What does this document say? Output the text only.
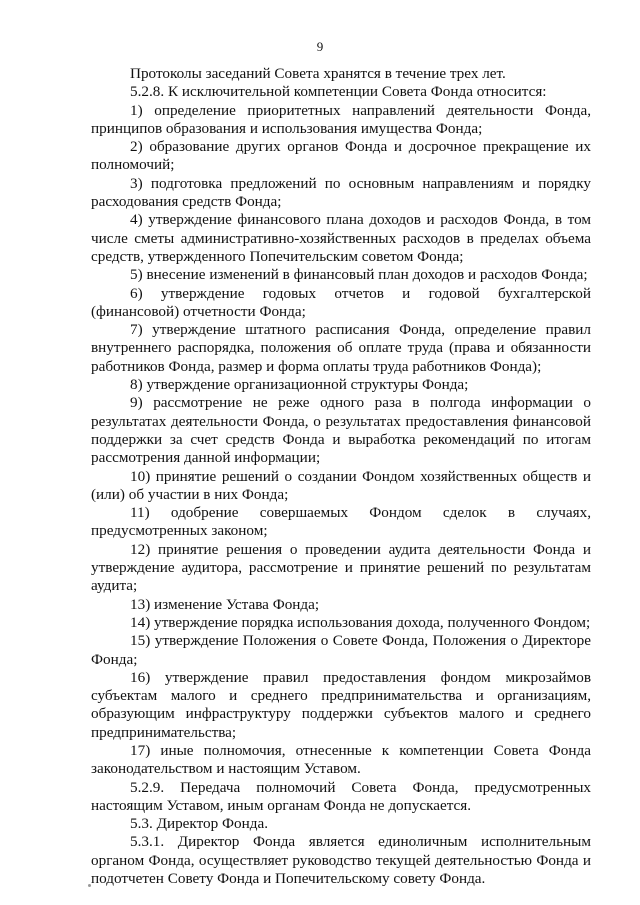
9

Протоколы заседаний Совета хранятся в течение трех лет.

5.2.8. К исключительной компетенции Совета Фонда относится:

1) определение приоритетных направлений деятельности Фонда, принципов образования и использования имущества Фонда;

2) образование других органов Фонда и досрочное прекращение их полномочий;

3) подготовка предложений по основным направлениям и порядку расходования средств Фонда;

4) утверждение финансового плана доходов и расходов Фонда, в том числе сметы административно-хозяйственных расходов в пределах объема средств, утвержденного Попечительским советом Фонда;

5) внесение изменений в финансовый план доходов и расходов Фонда;

6) утверждение годовых отчетов и годовой бухгалтерской (финансовой) отчетности Фонда;

7) утверждение штатного расписания Фонда, определение правил внутреннего распорядка, положения об оплате труда (права и обязанности работников Фонда, размер и форма оплаты труда работников Фонда);

8) утверждение организационной структуры Фонда;

9) рассмотрение не реже одного раза в полгода информации о результатах деятельности Фонда, о результатах предоставления финансовой поддержки за счет средств Фонда и выработка рекомендаций по итогам рассмотрения данной информации;

10) принятие решений о создании Фондом хозяйственных обществ и (или) об участии в них Фонда;

11) одобрение совершаемых Фондом сделок в случаях, предусмотренных законом;

12) принятие решения о проведении аудита деятельности Фонда и утверждение аудитора, рассмотрение и принятие решений по результатам аудита;

13) изменение Устава Фонда;

14) утверждение порядка использования дохода, полученного Фондом;

15) утверждение Положения о Совете Фонда, Положения о Директоре Фонда;

16) утверждение правил предоставления фондом микрозаймов субъектам малого и среднего предпринимательства и организациям, образующим инфраструктуру поддержки субъектов малого и среднего предпринимательства;

17) иные полномочия, отнесенные к компетенции Совета Фонда законодательством и настоящим Уставом.

5.2.9. Передача полномочий Совета Фонда, предусмотренных настоящим Уставом, иным органам Фонда не допускается.

5.3. Директор Фонда.

5.3.1. Директор Фонда является единоличным исполнительным органом Фонда, осуществляет руководство текущей деятельностью Фонда и подотчетен Совету Фонда и Попечительскому совету Фонда.
